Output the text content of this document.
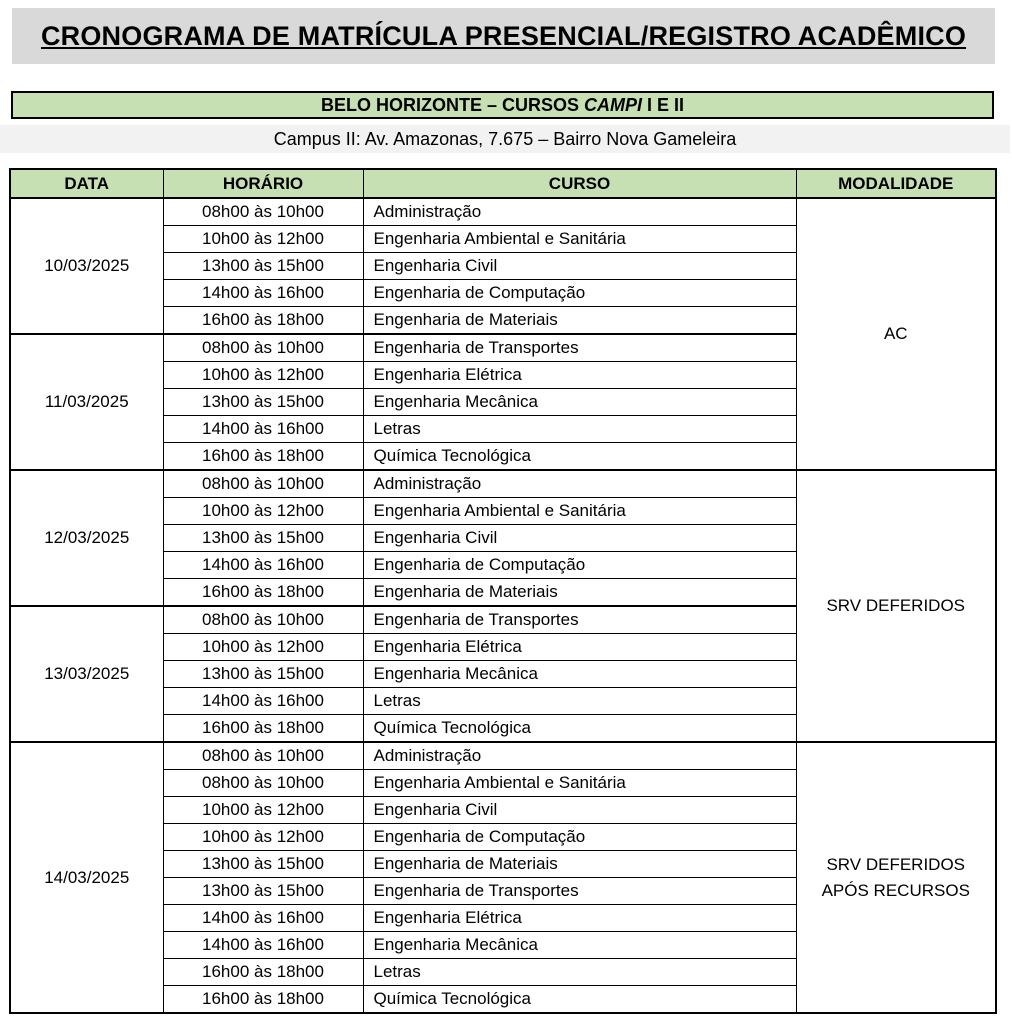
CRONOGRAMA DE MATRÍCULA PRESENCIAL/REGISTRO ACADÊMICO
BELO HORIZONTE – CURSOS CAMPI I E II
Campus II: Av. Amazonas, 7.675 – Bairro Nova Gameleira
DATA	HORÁRIO	CURSO	MODALIDADE
10/03/2025	08h00 às 10h00	Administração	AC
	10h00 às 12h00	Engenharia Ambiental e Sanitária	
	13h00 às 15h00	Engenharia Civil	
	14h00 às 16h00	Engenharia de Computação	
	16h00 às 18h00	Engenharia de Materiais	
11/03/2025	08h00 às 10h00	Engenharia de Transportes	
	10h00 às 12h00	Engenharia Elétrica	
	13h00 às 15h00	Engenharia Mecânica	
	14h00 às 16h00	Letras	
	16h00 às 18h00	Química Tecnológica	
12/03/2025	08h00 às 10h00	Administração	SRV DEFERIDOS
	10h00 às 12h00	Engenharia Ambiental e Sanitária	
	13h00 às 15h00	Engenharia Civil	
	14h00 às 16h00	Engenharia de Computação	
	16h00 às 18h00	Engenharia de Materiais	
13/03/2025	08h00 às 10h00	Engenharia de Transportes	
	10h00 às 12h00	Engenharia Elétrica	
	13h00 às 15h00	Engenharia Mecânica	
	14h00 às 16h00	Letras	
	16h00 às 18h00	Química Tecnológica	
14/03/2025	08h00 às 10h00	Administração	SRV DEFERIDOS
APÓS RECURSOS
	08h00 às 10h00	Engenharia Ambiental e Sanitária	
	10h00 às 12h00	Engenharia Civil	
	10h00 às 12h00	Engenharia de Computação	
	13h00 às 15h00	Engenharia de Materiais	
	13h00 às 15h00	Engenharia de Transportes	
	14h00 às 16h00	Engenharia Elétrica	
	14h00 às 16h00	Engenharia Mecânica	
	16h00 às 18h00	Letras	
	16h00 às 18h00	Química Tecnológica	
